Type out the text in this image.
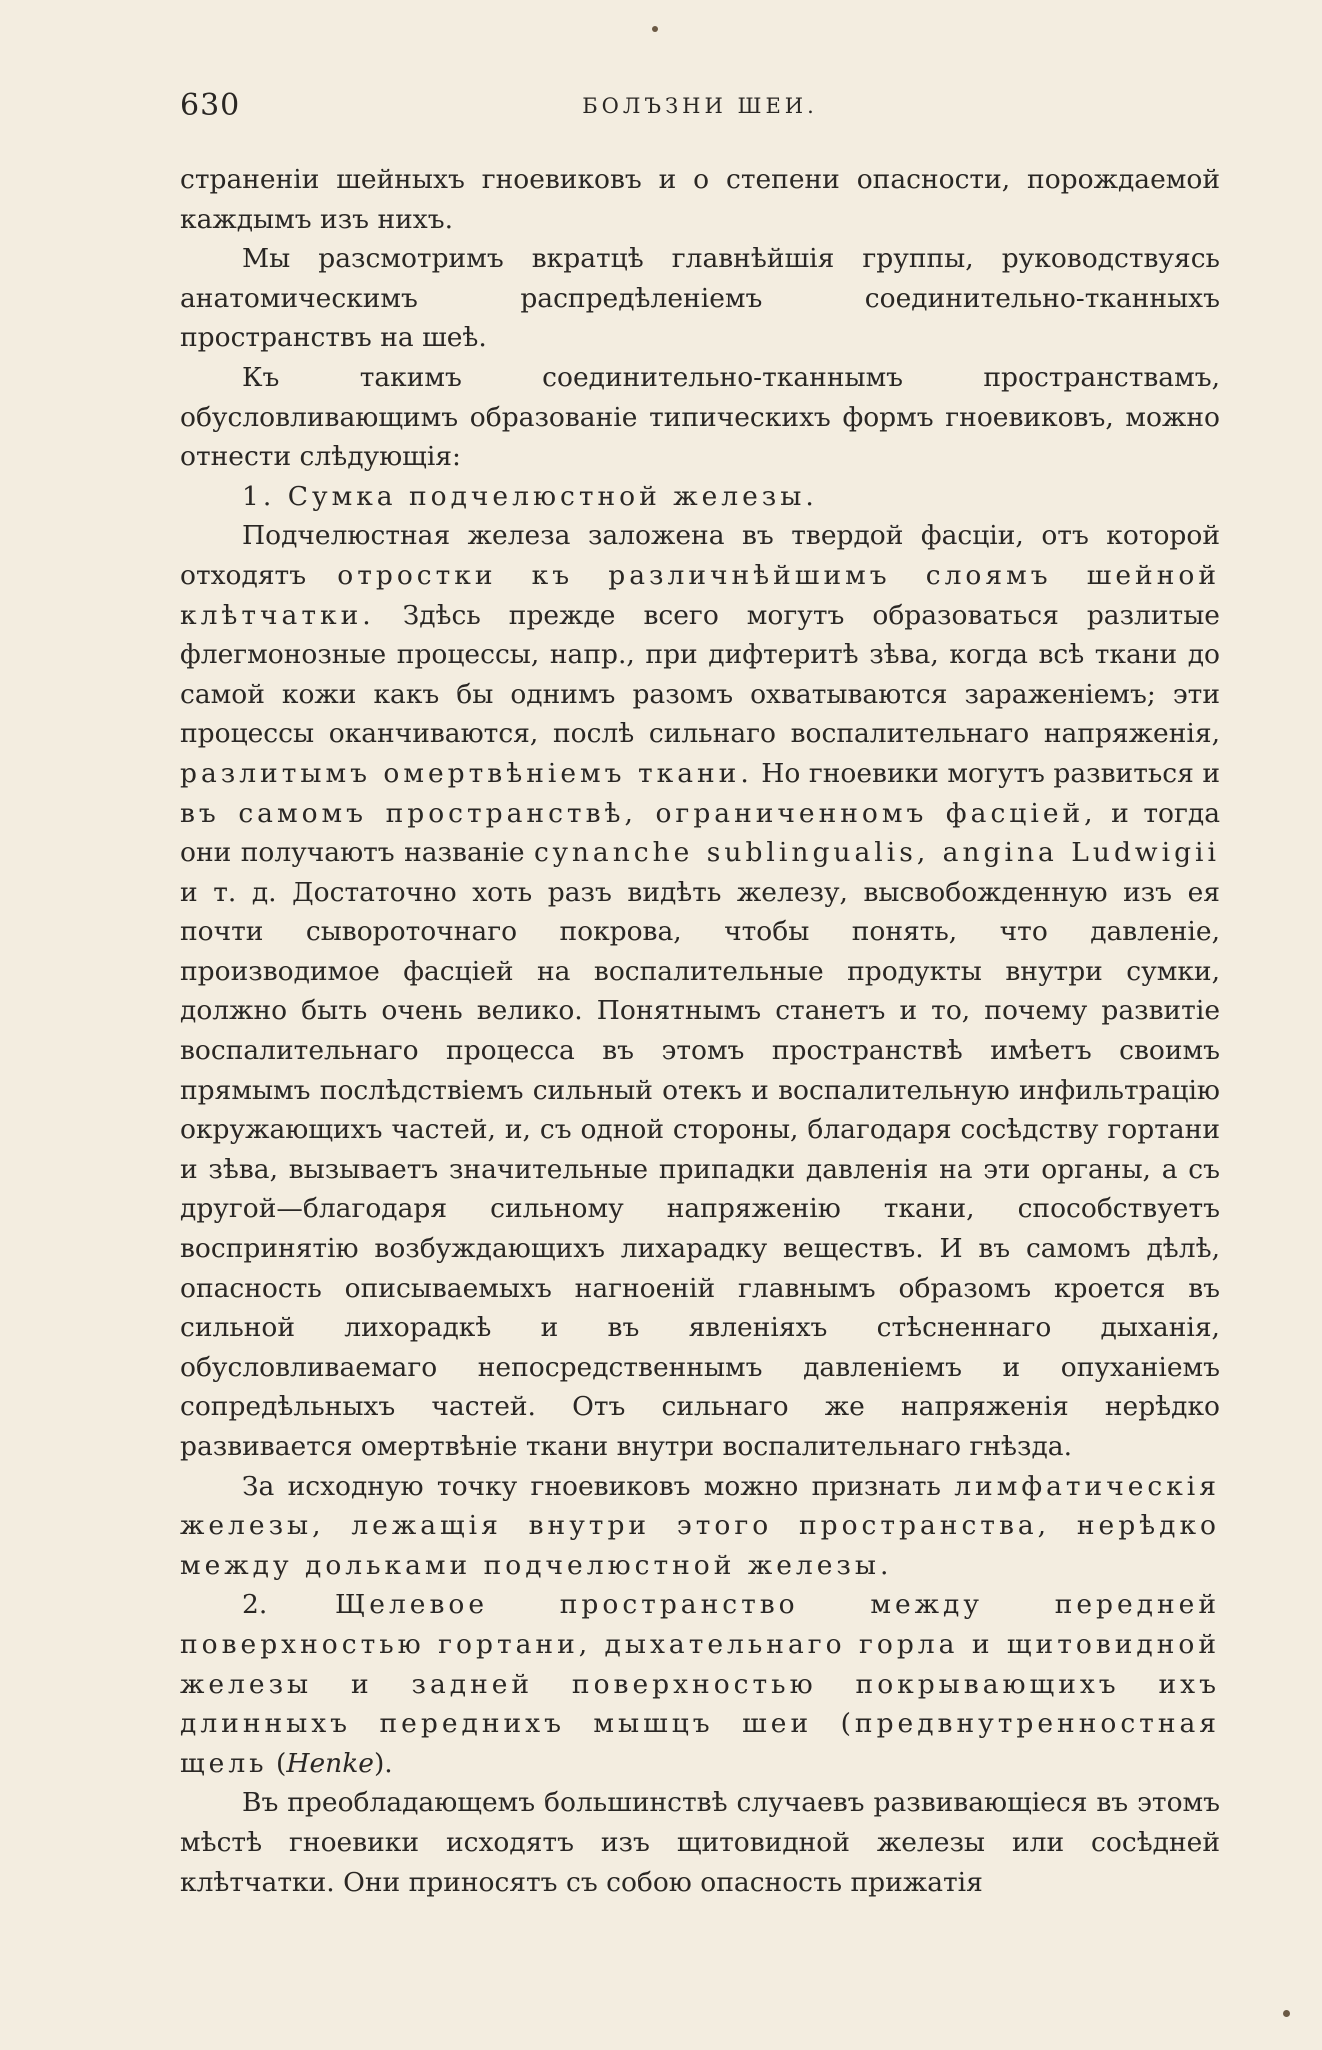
630	БОЛЪЗНИ ШЕИ.

страненіи шейныхъ гноевиковъ и о степени опасности, порождаемой каждымъ изъ нихъ.

Мы разсмотримъ вкратцѣ главнѣйшія группы, руководствуясь анатомическимъ распредѣленіемъ соединительно-тканныхъ пространствъ на шеѣ.

Къ такимъ соединительно-тканнымъ пространствамъ, обусловливающимъ образованіе типическихъ формъ гноевиковъ, можно отнести слѣдующія:

1. Сумка подчелюстной железы.

Подчелюстная железа заложена въ твердой фасціи, отъ которой отходятъ отростки къ различнѣйшимъ слоямъ шейной клѣтчатки. Здѣсь прежде всего могутъ образоваться разлитые флегмонозные процессы, напр., при дифтеритѣ зѣва, когда всѣ ткани до самой кожи какъ бы однимъ разомъ охватываются зараженіемъ; эти процессы оканчиваются, послѣ сильнаго воспалительнаго напряженія, разлитымъ омертвѣніемъ ткани. Но гноевики могутъ развиться и въ самомъ пространствѣ, ограниченномъ фасціей, и тогда они получаютъ названіе cynanche sublingualis, angina Ludwigii и т. д. Достаточно хоть разъ видѣть железу, высвобожденную изъ ея почти сывороточнаго покрова, чтобы понять, что давленіе, производимое фасціей на воспалительные продукты внутри сумки, должно быть очень велико. Понятнымъ станетъ и то, почему развитіе воспалительнаго процесса въ этомъ пространствѣ имѣетъ своимъ прямымъ послѣдствіемъ сильный отекъ и воспалительную инфильтрацію окружающихъ частей, и, съ одной стороны, благодаря сосѣдству гортани и зѣва, вызываетъ значительные припадки давленія на эти органы, а съ другой—благодаря сильному напряженію ткани, способствуетъ воспринятію возбуждающихъ лихарадку веществъ. И въ самомъ дѣлѣ, опасность описываемыхъ нагноеній главнымъ образомъ кроется въ сильной лихорадкѣ и въ явленіяхъ стѣсненнаго дыханія, обусловливаемаго непосредственнымъ давленіемъ и опуханіемъ сопредѣльныхъ частей. Отъ сильнаго же напряженія нерѣдко развивается омертвѣніе ткани внутри воспалительнаго гнѣзда.

За исходную точку гноевиковъ можно признать лимфатическія железы, лежащія внутри этого пространства, нерѣдко между дольками подчелюстной железы.

2. Щелевое пространство между передней поверхностью гортани, дыхательнаго горла и щитовидной железы и задней поверхностью покрывающихъ ихъ длинныхъ переднихъ мышцъ шеи (предвнутренностная щель (Henke).

Въ преобладающемъ большинствѣ случаевъ развивающіеся въ этомъ мѣстѣ гноевики исходятъ изъ щитовидной железы или сосѣдней клѣтчатки. Они приносятъ съ собою опасность прижатія
